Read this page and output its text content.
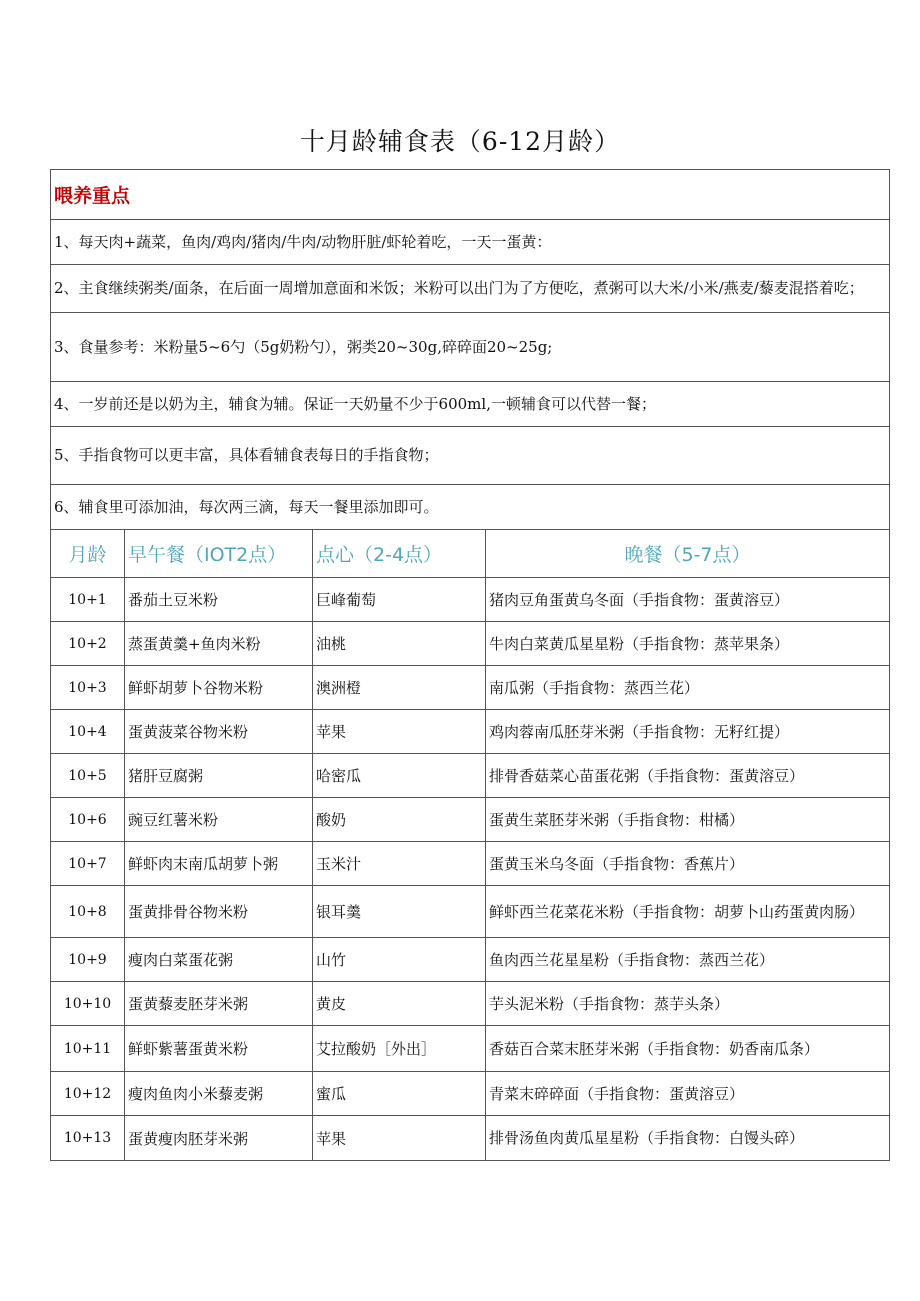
十月龄辅食表（6-12月龄）
喂养重点			
1、每天肉+蔬菜，鱼肉/鸡肉/猪肉/牛肉/动物肝脏/虾轮着吃，一天一蛋黄：			
2、主食继续粥类/面条，在后面一周增加意面和米饭；米粉可以出门为了方便吃，煮粥可以大米/小米/燕麦/藜麦混搭着吃；			
3、食量参考：米粉量5~6勺（5g奶粉勺），粥类20~30g,碎碎面20~25g;			
4、一岁前还是以奶为主，辅食为辅。保证一天奶量不少于600ml,一顿辅食可以代替一餐；			
5、手指食物可以更丰富，具体看辅食表每日的手指食物；			
6、辅食里可添加油，每次两三滴，每天一餐里添加即可。			
月龄	早午餐（IOT2点）	点心（2-4点）	晚餐（5-7点）
10+1	番茄土豆米粉	巨峰葡萄	猪肉豆角蛋黄乌冬面（手指食物：蛋黄溶豆）
10+2	蒸蛋黄羹+鱼肉米粉	油桃	牛肉白菜黄瓜星星粉（手指食物：蒸苹果条）
10+3	鲜虾胡萝卜谷物米粉	澳洲橙	南瓜粥（手指食物：蒸西兰花）
10+4	蛋黄菠菜谷物米粉	苹果	鸡肉蓉南瓜胚芽米粥（手指食物：无籽红提）
10+5	猪肝豆腐粥	哈密瓜	排骨香菇菜心苗蛋花粥（手指食物：蛋黄溶豆）
10+6	豌豆红薯米粉	酸奶	蛋黄生菜胚芽米粥（手指食物：柑橘）
10+7	鲜虾肉末南瓜胡萝卜粥	玉米汁	蛋黄玉米乌冬面（手指食物：香蕉片）
10+8	蛋黄排骨谷物米粉	银耳羹	鲜虾西兰花菜花米粉（手指食物：胡萝卜山药蛋黄肉肠）
10+9	瘦肉白菜蛋花粥	山竹	鱼肉西兰花星星粉（手指食物：蒸西兰花）
10+10	蛋黄藜麦胚芽米粥	黄皮	芋头泥米粉（手指食物：蒸芋头条）
10+11	鲜虾紫薯蛋黄米粉	艾拉酸奶［外出］	香菇百合菜末胚芽米粥（手指食物：奶香南瓜条）
10+12	瘦肉鱼肉小米藜麦粥	蜜瓜	青菜末碎碎面（手指食物：蛋黄溶豆）
10+13	蛋黄瘦肉胚芽米粥	苹果	排骨汤鱼肉黄瓜星星粉（手指食物：白馒头碎）
